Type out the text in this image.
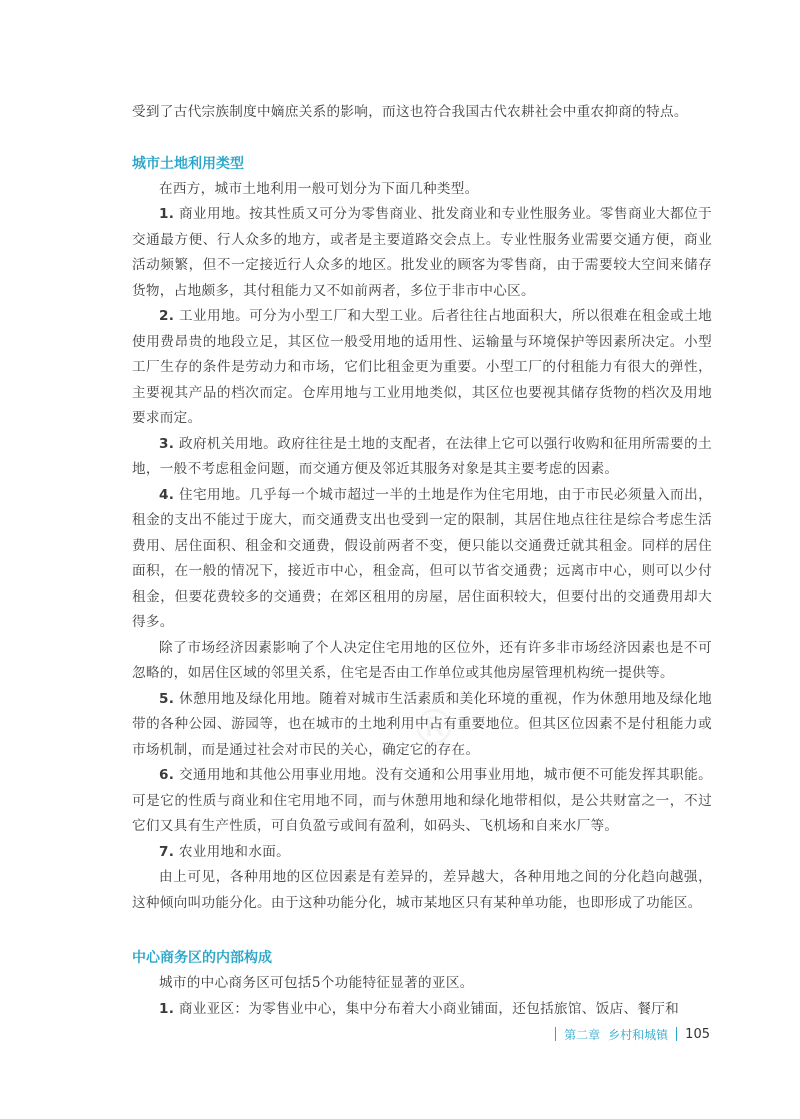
®

受到了古代宗族制度中嫡庶关系的影响，而这也符合我国古代农耕社会中重农抑商的特点。

城市土地利用类型

在西方，城市土地利用一般可划分为下面几种类型。

1. 商业用地。按其性质又可分为零售商业、批发商业和专业性服务业。零售商业大都位于交通最方便、行人众多的地方，或者是主要道路交会点上。专业性服务业需要交通方便，商业活动频繁，但不一定接近行人众多的地区。批发业的顾客为零售商，由于需要较大空间来储存货物，占地颇多，其付租能力又不如前两者，多位于非市中心区。

2. 工业用地。可分为小型工厂和大型工业。后者往往占地面积大，所以很难在租金或土地使用费昂贵的地段立足，其区位一般受用地的适用性、运输量与环境保护等因素所决定。小型工厂生存的条件是劳动力和市场，它们比租金更为重要。小型工厂的付租能力有很大的弹性，主要视其产品的档次而定。仓库用地与工业用地类似，其区位也要视其储存货物的档次及用地要求而定。

3. 政府机关用地。政府往往是土地的支配者，在法律上它可以强行收购和征用所需要的土地，一般不考虑租金问题，而交通方便及邻近其服务对象是其主要考虑的因素。

4. 住宅用地。几乎每一个城市超过一半的土地是作为住宅用地，由于市民必须量入而出，租金的支出不能过于庞大，而交通费支出也受到一定的限制，其居住地点往往是综合考虑生活费用、居住面积、租金和交通费，假设前两者不变，便只能以交通费迁就其租金。同样的居住面积，在一般的情况下，接近市中心，租金高，但可以节省交通费；远离市中心，则可以少付租金，但要花费较多的交通费；在郊区租用的房屋，居住面积较大，但要付出的交通费用却大得多。

除了市场经济因素影响了个人决定住宅用地的区位外，还有许多非市场经济因素也是不可忽略的，如居住区域的邻里关系，住宅是否由工作单位或其他房屋管理机构统一提供等。

5. 休憩用地及绿化用地。随着对城市生活素质和美化环境的重视，作为休憩用地及绿化地带的各种公园、游园等，也在城市的土地利用中占有重要地位。但其区位因素不是付租能力或市场机制，而是通过社会对市民的关心，确定它的存在。

6. 交通用地和其他公用事业用地。没有交通和公用事业用地，城市便不可能发挥其职能。可是它的性质与商业和住宅用地不同，而与休憩用地和绿化地带相似，是公共财富之一，不过它们又具有生产性质，可自负盈亏或间有盈利，如码头、飞机场和自来水厂等。

7. 农业用地和水面。

由上可见，各种用地的区位因素是有差异的，差异越大，各种用地之间的分化趋向越强，这种倾向叫功能分化。由于这种功能分化，城市某地区只有某种单功能，也即形成了功能区。

中心商务区的内部构成

城市的中心商务区可包括5个功能特征显著的亚区。

1. 商业亚区：为零售业中心，集中分布着大小商业铺面，还包括旅馆、饭店、餐厅和

第二章 乡村和城镇 105
